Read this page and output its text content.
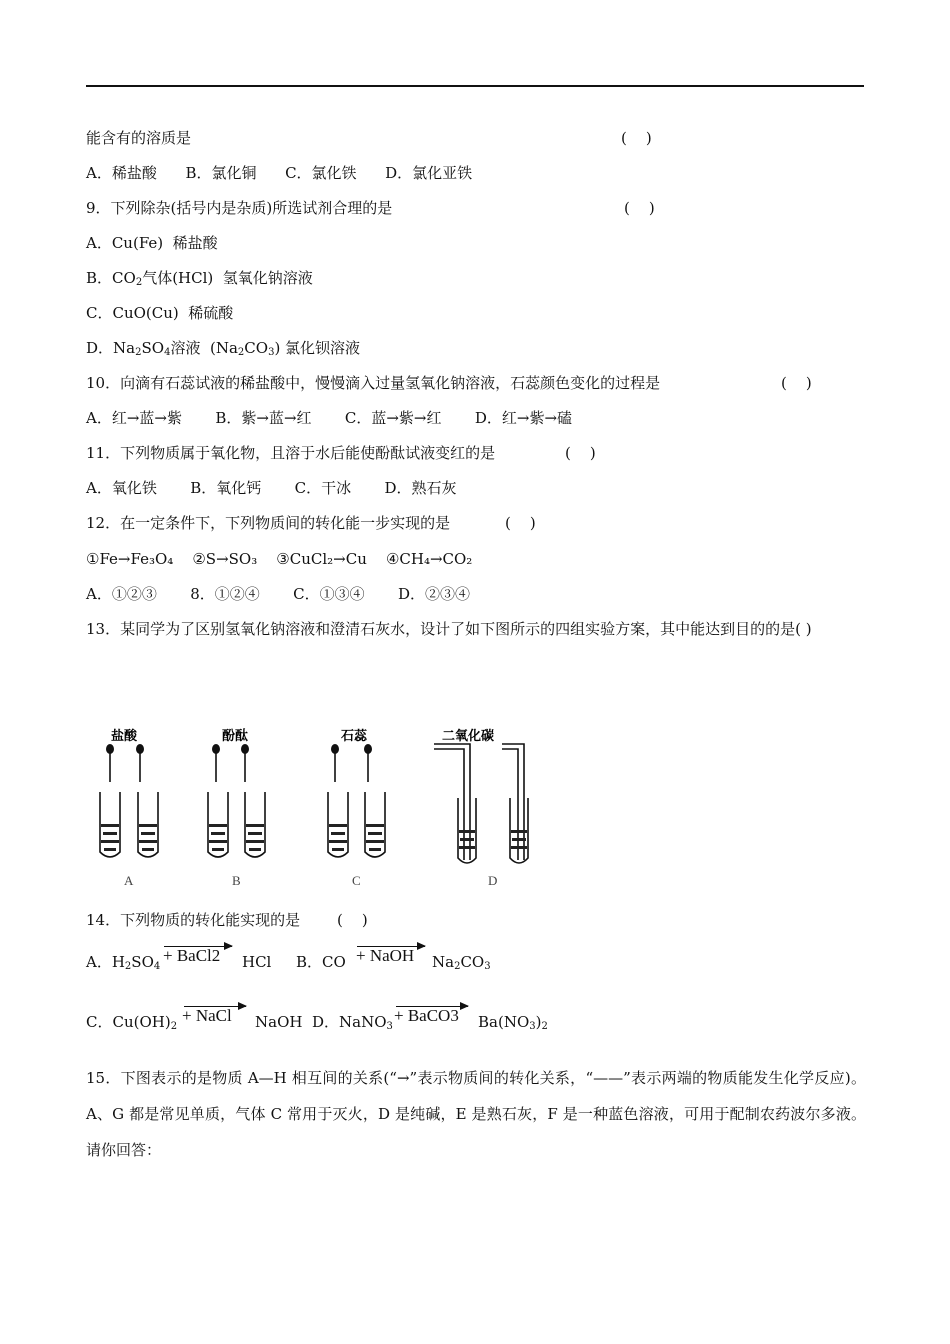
能含有的溶质是	(    )
A．稀盐酸      B．氯化铜      C．氯化铁      D．氯化亚铁
9．下列除杂(括号内是杂质)所选试剂合理的是	(    )
A．Cu(Fe)  稀盐酸
B．$CO_2$气体(HCl)  氢氧化钠溶液
C．CuO(Cu)  稀硫酸
D．$Na_2SO_4$溶液  $(Na_2CO_3)$ 氯化钡溶液
10．向滴有石蕊试液的稀盐酸中，慢慢滴入过量氢氧化钠溶液，石蕊颜色变化的过程是	(    )
A．红→蓝→紫       B．紫→蓝→红       C．蓝→紫→红       D．红→紫→磕
11．下列物质属于氧化物，且溶于水后能使酚酞试液变红的是	(    )
A．氧化铁       B．氧化钙       C．干冰       D．熟石灰
12．在一定条件下，下列物质间的转化能一步实现的是	(    )
①Fe→Fe₃O₄    ②S→SO₃    ③CuCl₂→Cu    ④CH₄→CO₂
A．①②③       8．①②④       C．①③④       D．②③④
13．某同学为了区别氢氧化钠溶液和澄清石灰水，设计了如下图所示的四组实验方案，其中能达到目的的是( )
盐酸	酚酞	石蕊	二氧化碳
A	B	C	D
14．下列物质的转化能实现的是 (    )
A．$H_2SO_4$
+ BaCl2 HCl B．CO + NaOH $Na_2CO_3$
C．$Cu(OH)_2$
+ NaCl NaOH D．NaNO$_3$
+ BaCO3 $Ba(NO_3)_2$
15．下图表示的是物质 A—H 相互间的关系(“→”表示物质间的转化关系，“——”表示两端的物质能发生化学反应)。A、G 都是常见单质，气体 C 常用于灭火，D 是纯碱，E 是熟石灰，F 是一种蓝色溶液，可用于配制农药波尔多液。请你回答：
